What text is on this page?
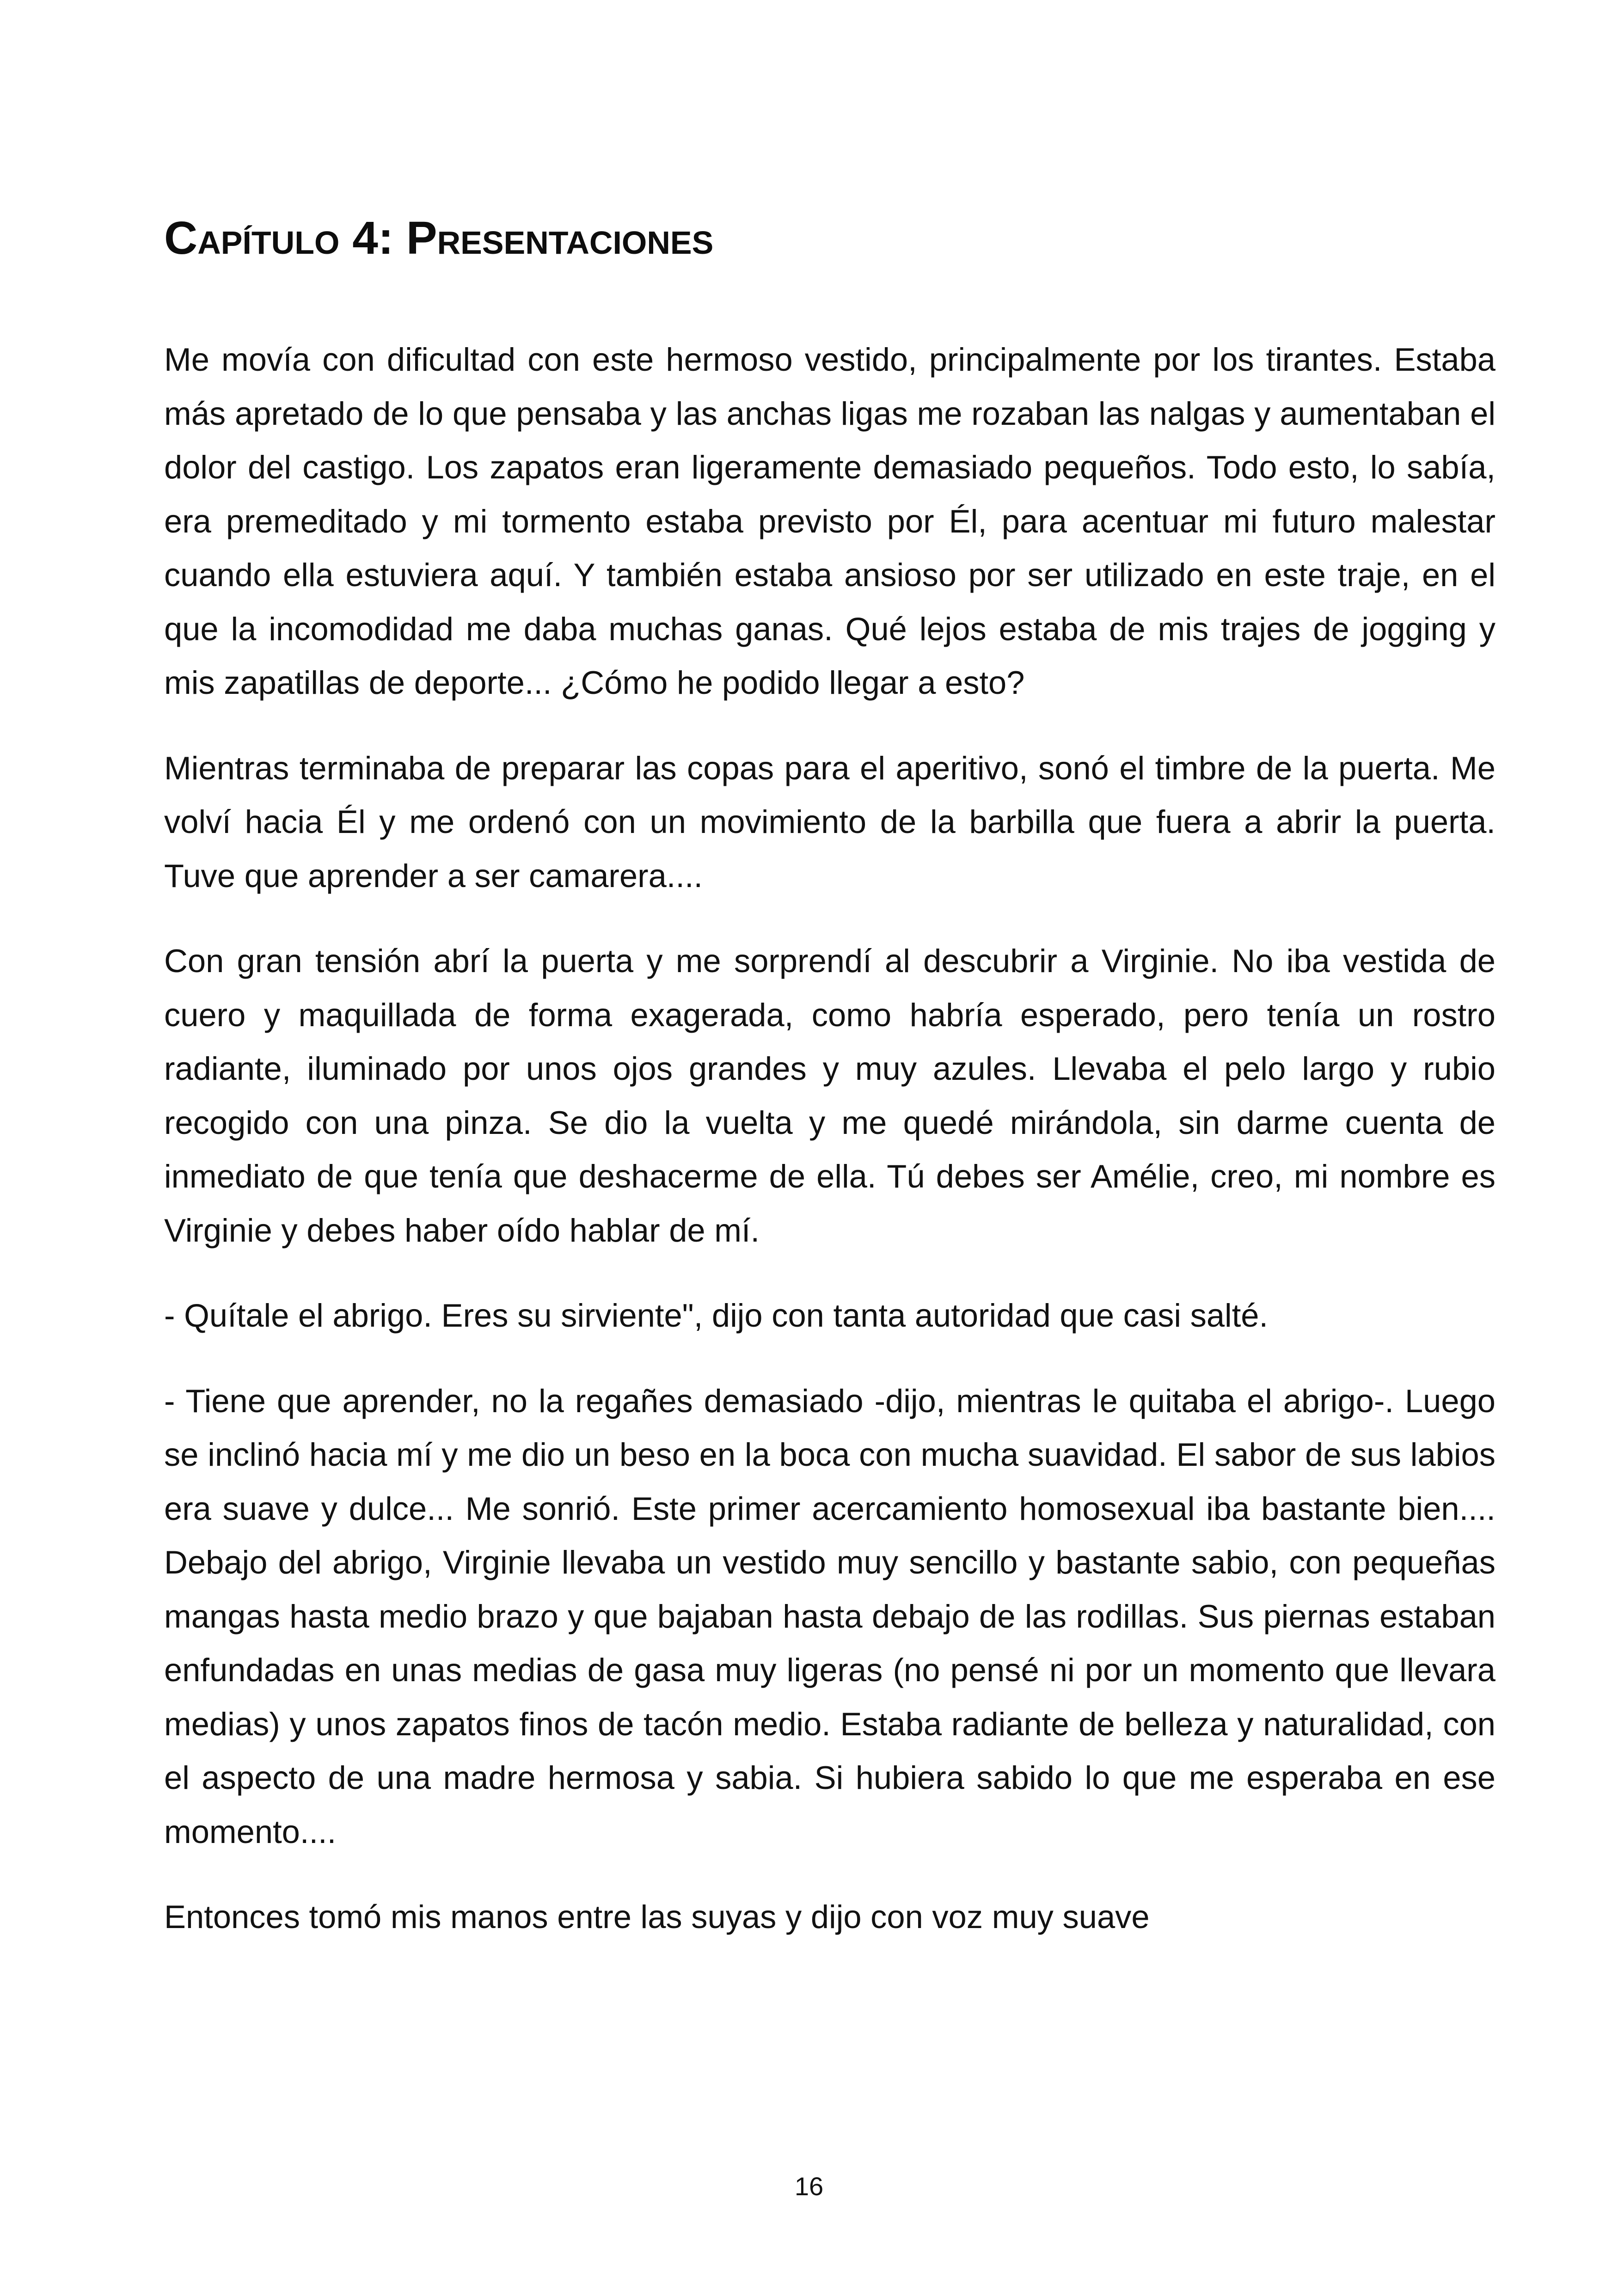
Capítulo 4: Presentaciones

Me movía con dificultad con este hermoso vestido, principalmente por los tirantes. Estaba más apretado de lo que pensaba y las anchas ligas me rozaban las nalgas y aumentaban el dolor del castigo. Los zapatos eran ligeramente demasiado pequeños. Todo esto, lo sabía, era premeditado y mi tormento estaba previsto por Él, para acentuar mi futuro malestar cuando ella estuviera aquí. Y también estaba ansioso por ser utilizado en este traje, en el que la incomodidad me daba muchas ganas. Qué lejos estaba de mis trajes de jogging y mis zapatillas de deporte... ¿Cómo he podido llegar a esto?

Mientras terminaba de preparar las copas para el aperitivo, sonó el timbre de la puerta. Me volví hacia Él y me ordenó con un movimiento de la barbilla que fuera a abrir la puerta. Tuve que aprender a ser camarera....

Con gran tensión abrí la puerta y me sorprendí al descubrir a Virginie. No iba vestida de cuero y maquillada de forma exagerada, como habría esperado, pero tenía un rostro radiante, iluminado por unos ojos grandes y muy azules. Llevaba el pelo largo y rubio recogido con una pinza. Se dio la vuelta y me quedé mirándola, sin darme cuenta de inmediato de que tenía que deshacerme de ella. Tú debes ser Amélie, creo, mi nombre es Virginie y debes haber oído hablar de mí.

- Quítale el abrigo. Eres su sirviente", dijo con tanta autoridad que casi salté.

- Tiene que aprender, no la regañes demasiado -dijo, mientras le quitaba el abrigo-. Luego se inclinó hacia mí y me dio un beso en la boca con mucha suavidad. El sabor de sus labios era suave y dulce... Me sonrió. Este primer acercamiento homosexual iba bastante bien.... Debajo del abrigo, Virginie llevaba un vestido muy sencillo y bastante sabio, con pequeñas mangas hasta medio brazo y que bajaban hasta debajo de las rodillas. Sus piernas estaban enfundadas en unas medias de gasa muy ligeras (no pensé ni por un momento que llevara medias) y unos zapatos finos de tacón medio. Estaba radiante de belleza y naturalidad, con el aspecto de una madre hermosa y sabia. Si hubiera sabido lo que me esperaba en ese momento....

Entonces tomó mis manos entre las suyas y dijo con voz muy suave

16
